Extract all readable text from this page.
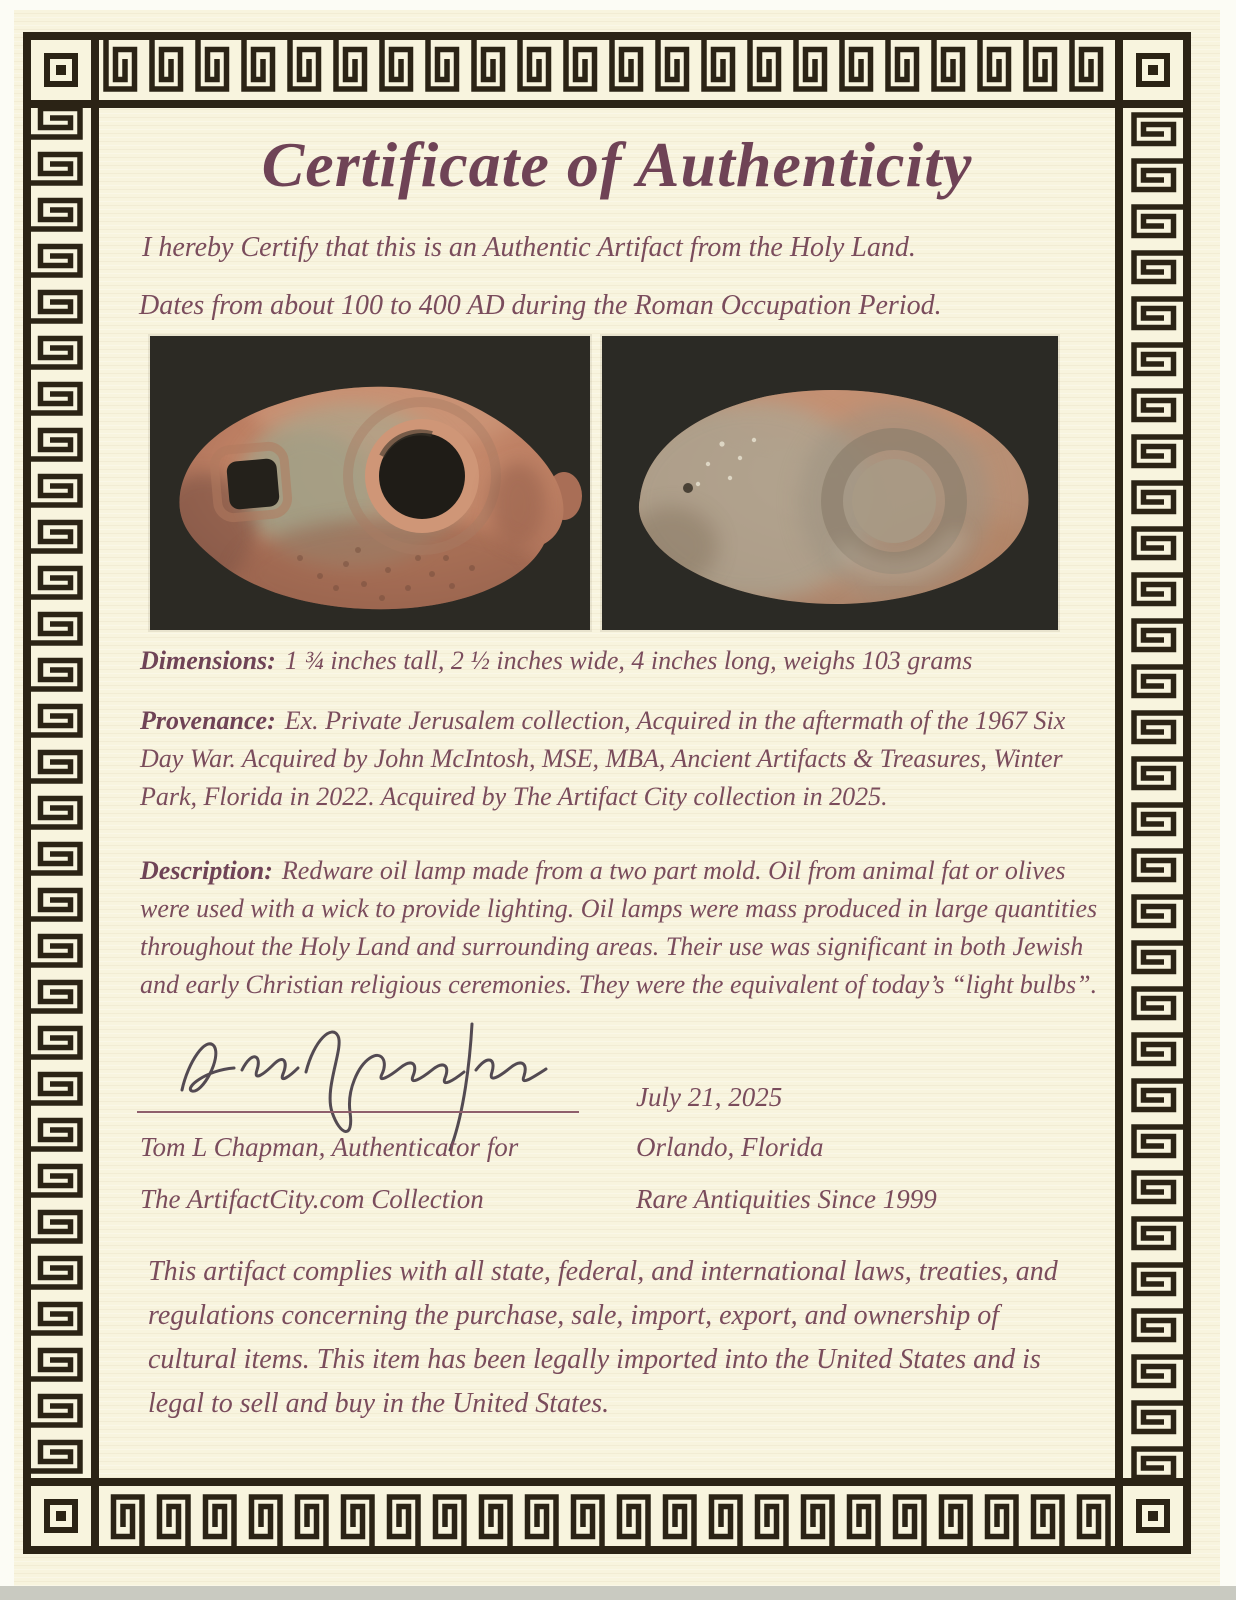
Certificate of Authenticity
I hereby Certify that this is an Authentic Artifact from the Holy Land.
Dates from about 100 to 400 AD during the Roman Occupation Period.
Dimensions: 1 ¾ inches tall, 2 ½ inches wide, 4 inches long, weighs 103 grams
Provenance: Ex. Private Jerusalem collection, Acquired in the aftermath of the 1967 Six Day War. Acquired by John McIntosh, MSE, MBA, Ancient Artifacts & Treasures, Winter Park, Florida in 2022. Acquired by The Artifact City collection in 2025.
Description: Redware oil lamp made from a two part mold. Oil from animal fat or olives were used with a wick to provide lighting. Oil lamps were mass produced in large quantities throughout the Holy Land and surrounding areas. Their use was significant in both Jewish and early Christian religious ceremonies. They were the equivalent of today’s “light bulbs”.
July 21, 2025
Tom L Chapman, Authenticator for	Orlando, Florida
The ArtifactCity.com Collection	Rare Antiquities Since 1999
This artifact complies with all state, federal, and international laws, treaties, and regulations concerning the purchase, sale, import, export, and ownership of cultural items. This item has been legally imported into the United States and is legal to sell and buy in the United States.
